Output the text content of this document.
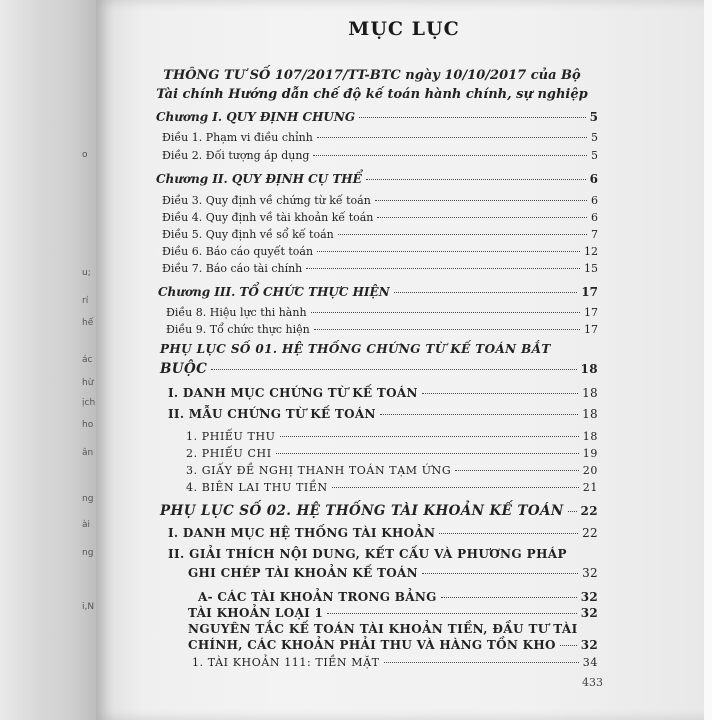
o
u;
rí
hế
ác
hừ
ịch
ho
ân
ng
ài
ng
i,N
MỤC LỤC
THÔNG TƯ SỐ 107/2017/TT-BTC ngày 10/10/2017 của Bộ Tài chính Hướng dẫn chế độ kế toán hành chính, sự nghiệp
Chương I. QUY ĐỊNH CHUNG	5
Điều 1. Phạm vi điều chỉnh	5
Điều 2. Đối tượng áp dụng	5
Chương II. QUY ĐỊNH CỤ THỂ	6
Điều 3. Quy định về chứng từ kế toán	6
Điều 4. Quy định về tài khoản kế toán	6
Điều 5. Quy định về sổ kế toán	7
Điều 6. Báo cáo quyết toán	12
Điều 7. Báo cáo tài chính	15
Chương III. TỔ CHỨC THỰC HIỆN	17
Điều 8. Hiệu lực thi hành	17
Điều 9. Tổ chức thực hiện	17
PHỤ LỤC SỐ 01. HỆ THỐNG CHỨNG TỪ KẾ TOÁN BẮT
BUỘC	18
I. DANH MỤC CHỨNG TỪ KẾ TOÁN	18
II. MẪU CHỨNG TỪ KẾ TOÁN	18
1. PHIẾU THU	18
2. PHIẾU CHI	19
3. GIẤY ĐỀ NGHỊ THANH TOÁN TẠM ỨNG	20
4. BIÊN LAI THU TIỀN	21
PHỤ LỤC SỐ 02. HỆ THỐNG TÀI KHOẢN KẾ TOÁN 22
I. DANH MỤC HỆ THỐNG TÀI KHOẢN	22
II. GIẢI THÍCH NỘI DUNG, KẾT CẤU VÀ PHƯƠNG PHÁP
GHI CHÉP TÀI KHOẢN KẾ TOÁN	32
A- CÁC TÀI KHOẢN TRONG BẢNG	32
TÀI KHOẢN LOẠI 1	32
NGUYÊN TẮC KẾ TOÁN TÀI KHOẢN TIỀN, ĐẦU TƯ TÀI
CHÍNH, CÁC KHOẢN PHẢI THU VÀ HÀNG TỒN KHO 32
1. TÀI KHOẢN 111: TIỀN MẶT	34
433
